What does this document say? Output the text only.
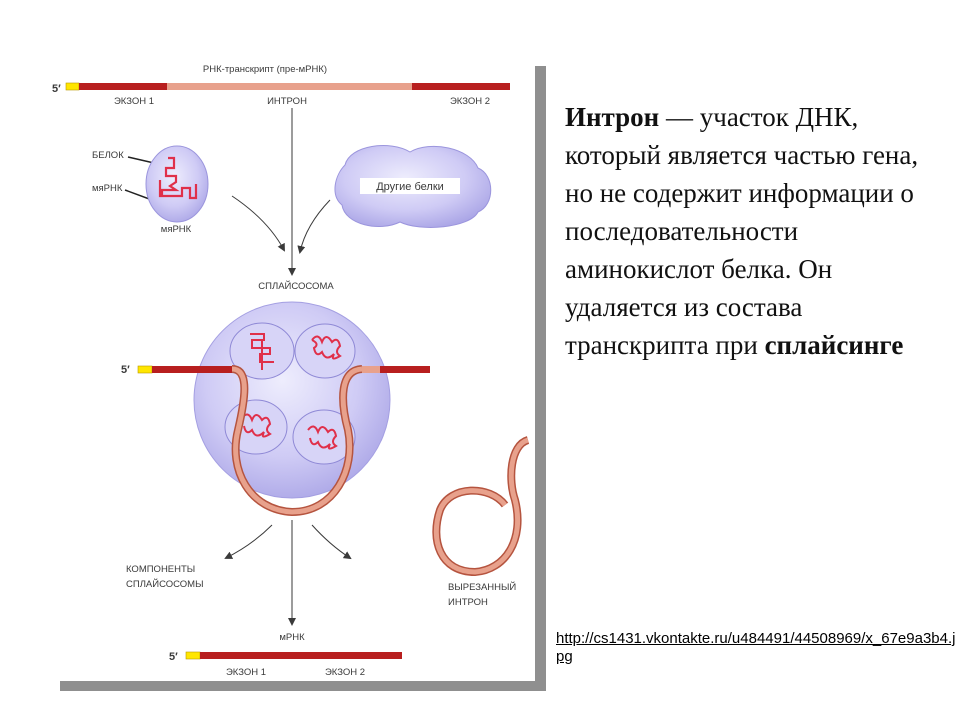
РНК-транскрипт (пре-мРНК)
5′
ЭКЗОН 1	ИНТРОН	ЭКЗОН 2
БЕЛОК
мяРНК
мяРНК
Другие белки
СПЛАЙСОСОМА
5′
ВЫРЕЗАННЫЙ
ИНТРОН
КОМПОНЕНТЫ
СПЛАЙСОСОМЫ
мРНК
5′
ЭКЗОН 1	ЭКЗОН 2
Интрон — участок ДНК, который является частью гена, но не содержит информации о последовательности аминокислот белка. Он удаляется из состава транскрипта при сплайсинге
http://cs1431.vkontakte.ru/u484491/44508969/x_67e9a3b4.jpg
